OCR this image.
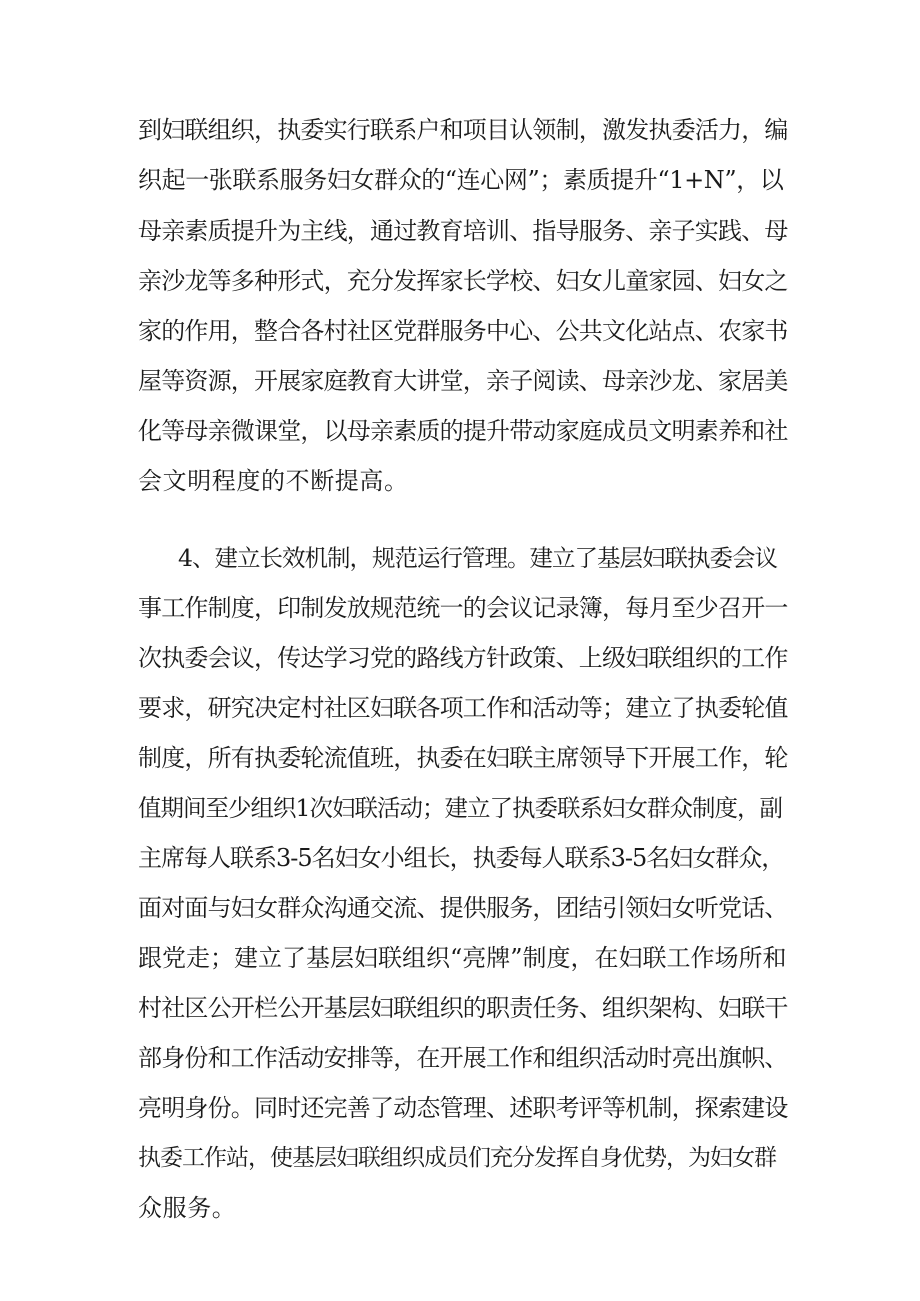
到妇联组织，执委实行联系户和项目认领制，激发执委活力，编
织起一张联系服务妇女群众的“连心网”；素质提升“1+N”，以
母亲素质提升为主线，通过教育培训、指导服务、亲子实践、母
亲沙龙等多种形式，充分发挥家长学校、妇女儿童家园、妇女之
家的作用，整合各村社区党群服务中心、公共文化站点、农家书
屋等资源，开展家庭教育大讲堂，亲子阅读、母亲沙龙、家居美
化等母亲微课堂，以母亲素质的提升带动家庭成员文明素养和社
会文明程度的不断提高。
4、建立长效机制，规范运行管理。建立了基层妇联执委会议
事工作制度，印制发放规范统一的会议记录簿，每月至少召开一
次执委会议，传达学习党的路线方针政策、上级妇联组织的工作
要求，研究决定村社区妇联各项工作和活动等；建立了执委轮值
制度，所有执委轮流值班，执委在妇联主席领导下开展工作，轮
值期间至少组织1次妇联活动；建立了执委联系妇女群众制度，副
主席每人联系3-5名妇女小组长，执委每人联系3-5名妇女群众，
面对面与妇女群众沟通交流、提供服务，团结引领妇女听党话、
跟党走；建立了基层妇联组织“亮牌”制度，在妇联工作场所和
村社区公开栏公开基层妇联组织的职责任务、组织架构、妇联干
部身份和工作活动安排等，在开展工作和组织活动时亮出旗帜、
亮明身份。同时还完善了动态管理、述职考评等机制，探索建设
执委工作站，使基层妇联组织成员们充分发挥自身优势，为妇女群
众服务。
